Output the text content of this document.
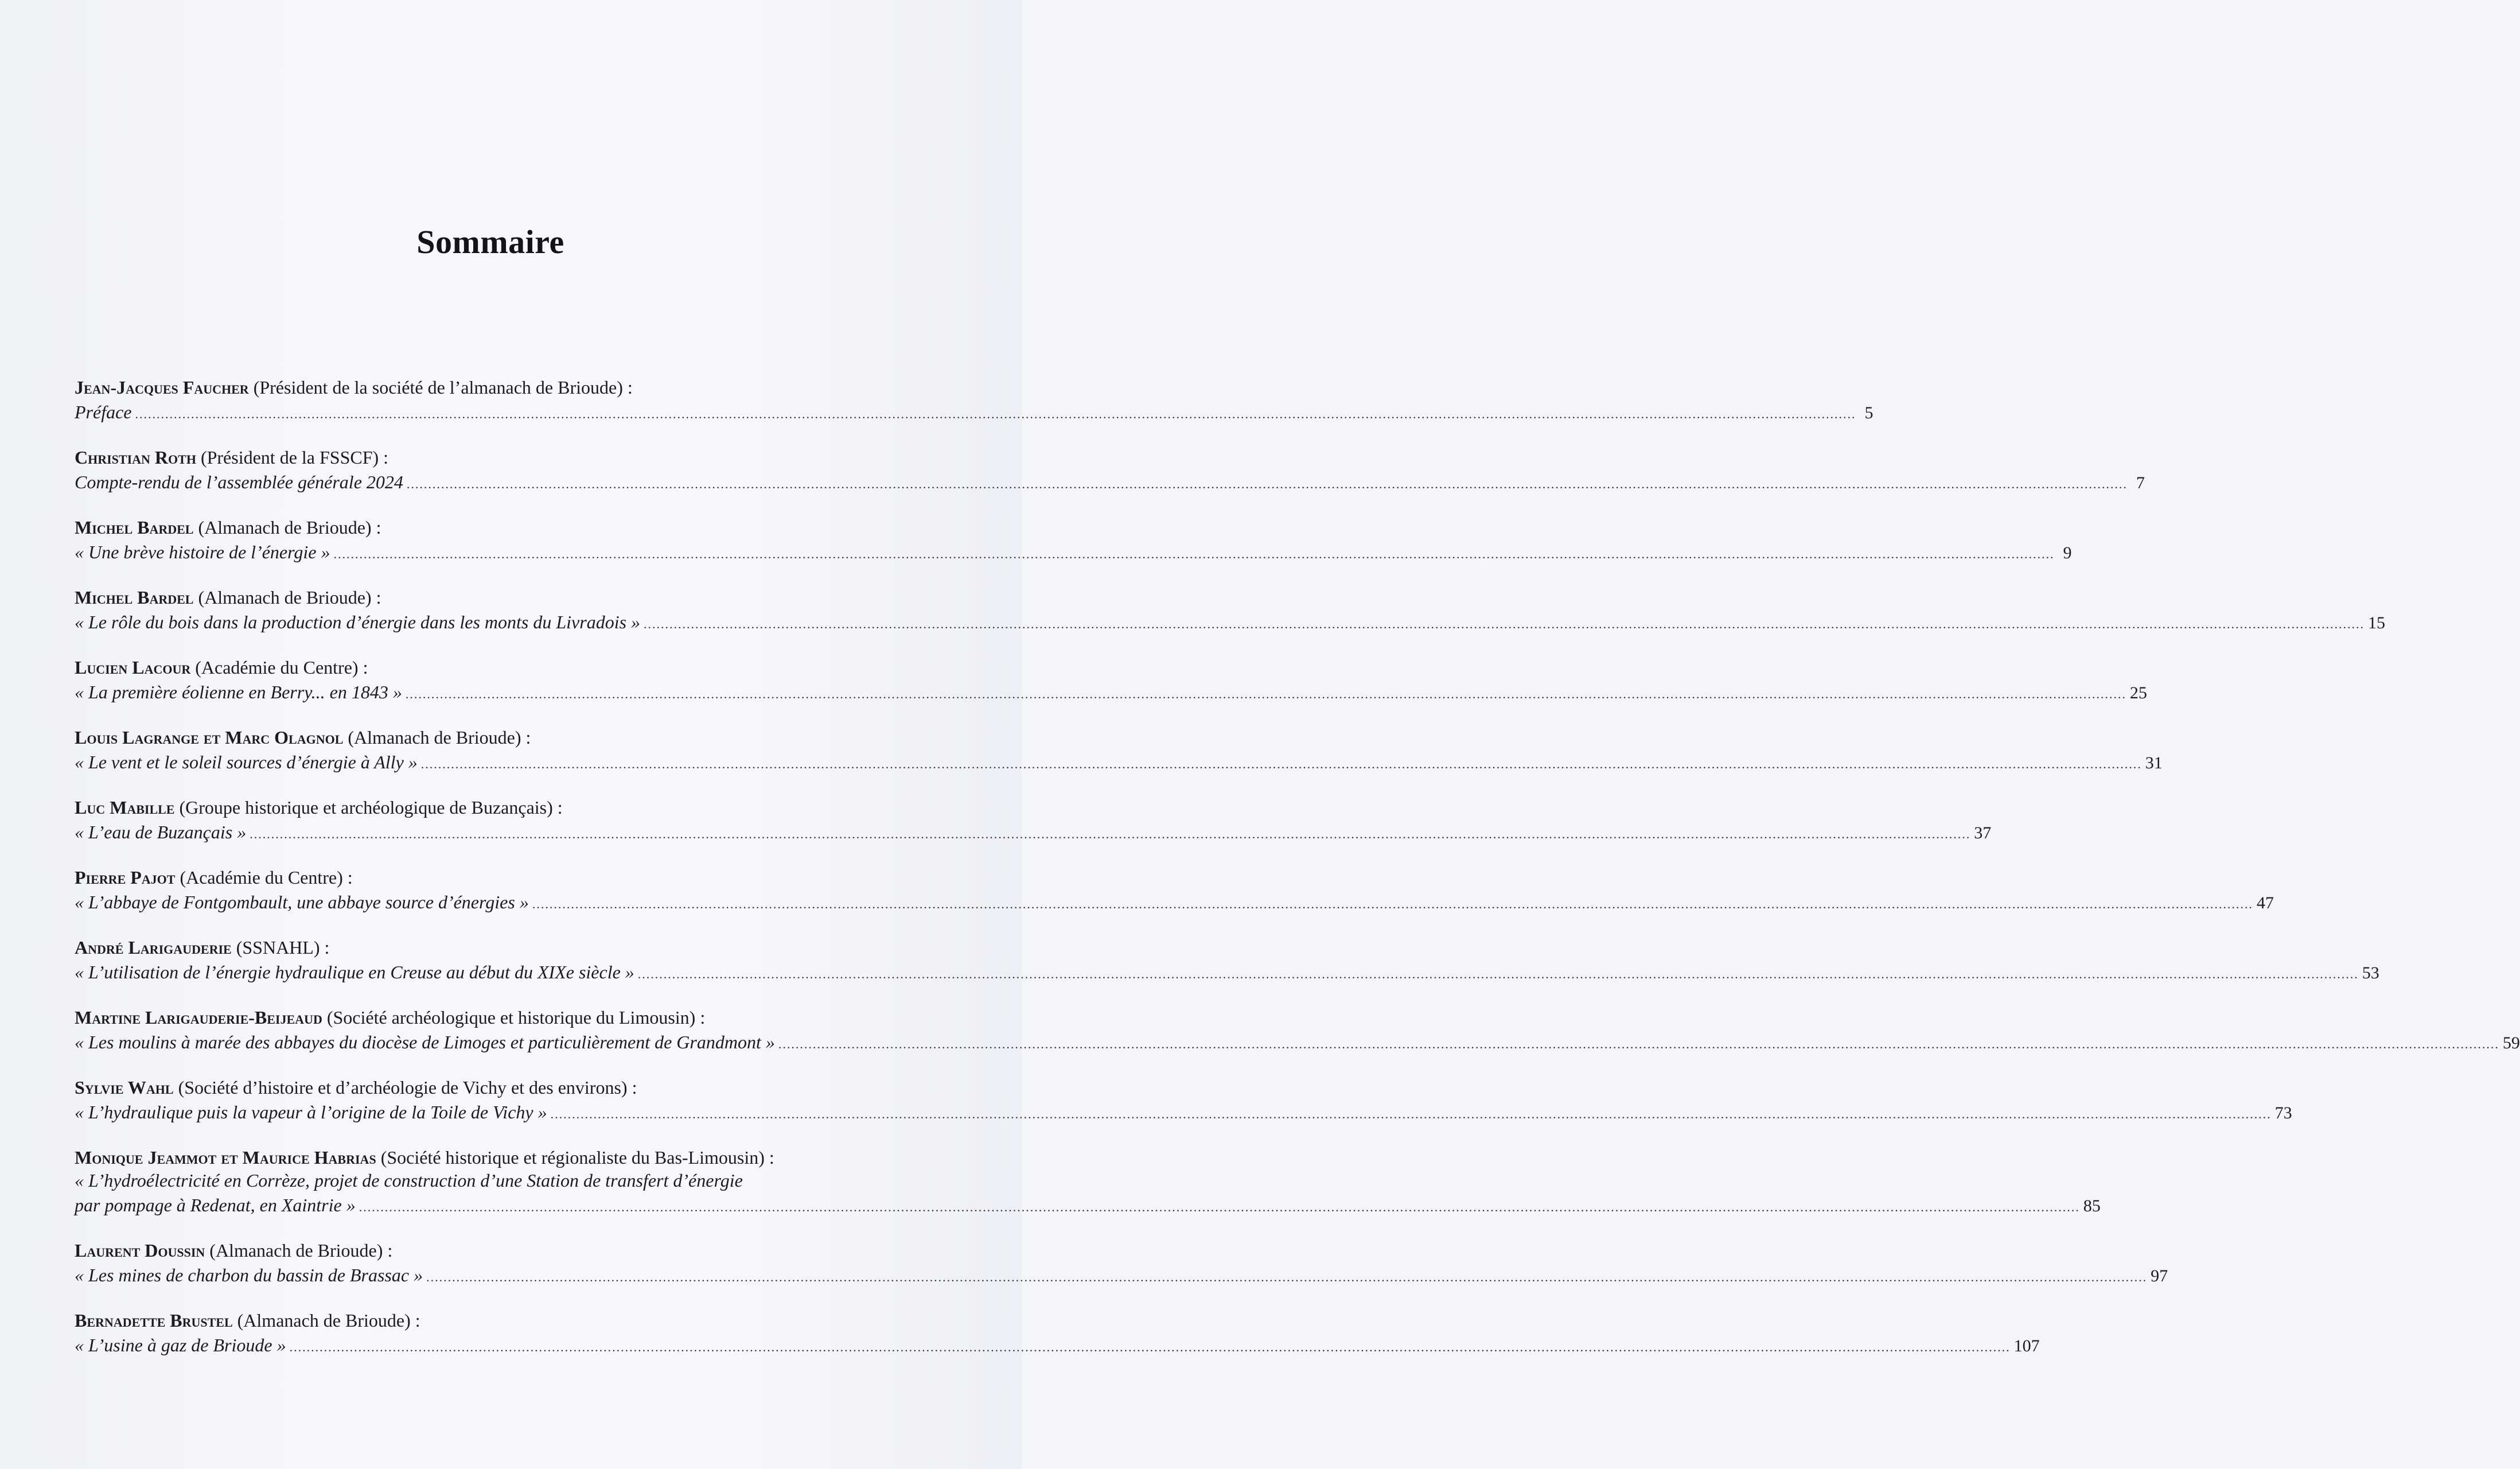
Sommaire
Jean-Jacques Faucher (Président de la société de l’almanach de Brioude) :
Préface ................................................................................................................................................................................................................................................................................................................................................................................................................ 5
Christian Roth (Président de la FSSCF) :
Compte-rendu de l’assemblée générale 2024 ................................................................................................................................................................................................................................................................................................................................................................................................................ 7
Michel Bardel (Almanach de Brioude) :
« Une brève histoire de l’énergie » ................................................................................................................................................................................................................................................................................................................................................................................................................ 9
Michel Bardel (Almanach de Brioude) :
« Le rôle du bois dans la production d’énergie dans les monts du Livradois » ................................................................................................................................................................................................................................................................................................................................................................................................................ 15
Lucien Lacour (Académie du Centre) :
« La première éolienne en Berry... en 1843 » ................................................................................................................................................................................................................................................................................................................................................................................................................ 25
Louis Lagrange et Marc Olagnol (Almanach de Brioude) :
« Le vent et le soleil sources d’énergie à Ally » ................................................................................................................................................................................................................................................................................................................................................................................................................ 31
Luc Mabille (Groupe historique et archéologique de Buzançais) :
« L’eau de Buzançais » ................................................................................................................................................................................................................................................................................................................................................................................................................ 37
Pierre Pajot (Académie du Centre) :
« L’abbaye de Fontgombault, une abbaye source d’énergies » ................................................................................................................................................................................................................................................................................................................................................................................................................ 47
André Larigauderie (SSNAHL) :
« L’utilisation de l’énergie hydraulique en Creuse au début du XIXe siècle » ................................................................................................................................................................................................................................................................................................................................................................................................................ 53
Martine Larigauderie-Beijeaud (Société archéologique et historique du Limousin) :
« Les moulins à marée des abbayes du diocèse de Limoges et particulièrement de Grandmont » ................................................................................................................................................................................................................................................................................................................................................................................................................ 59
Sylvie Wahl (Société d’histoire et d’archéologie de Vichy et des environs) :
« L’hydraulique puis la vapeur à l’origine de la Toile de Vichy » ................................................................................................................................................................................................................................................................................................................................................................................................................ 73
Monique Jeammot et Maurice Habrias (Société historique et régionaliste du Bas-Limousin) :
« L’hydroélectricité en Corrèze, projet de construction d’une Station de transfert d’énergie
par pompage à Redenat, en Xaintrie » ................................................................................................................................................................................................................................................................................................................................................................................................................ 85
Laurent Doussin (Almanach de Brioude) :
« Les mines de charbon du bassin de Brassac » ................................................................................................................................................................................................................................................................................................................................................................................................................ 97
Bernadette Brustel (Almanach de Brioude) :
« L’usine à gaz de Brioude » ................................................................................................................................................................................................................................................................................................................................................................................................................ 107
